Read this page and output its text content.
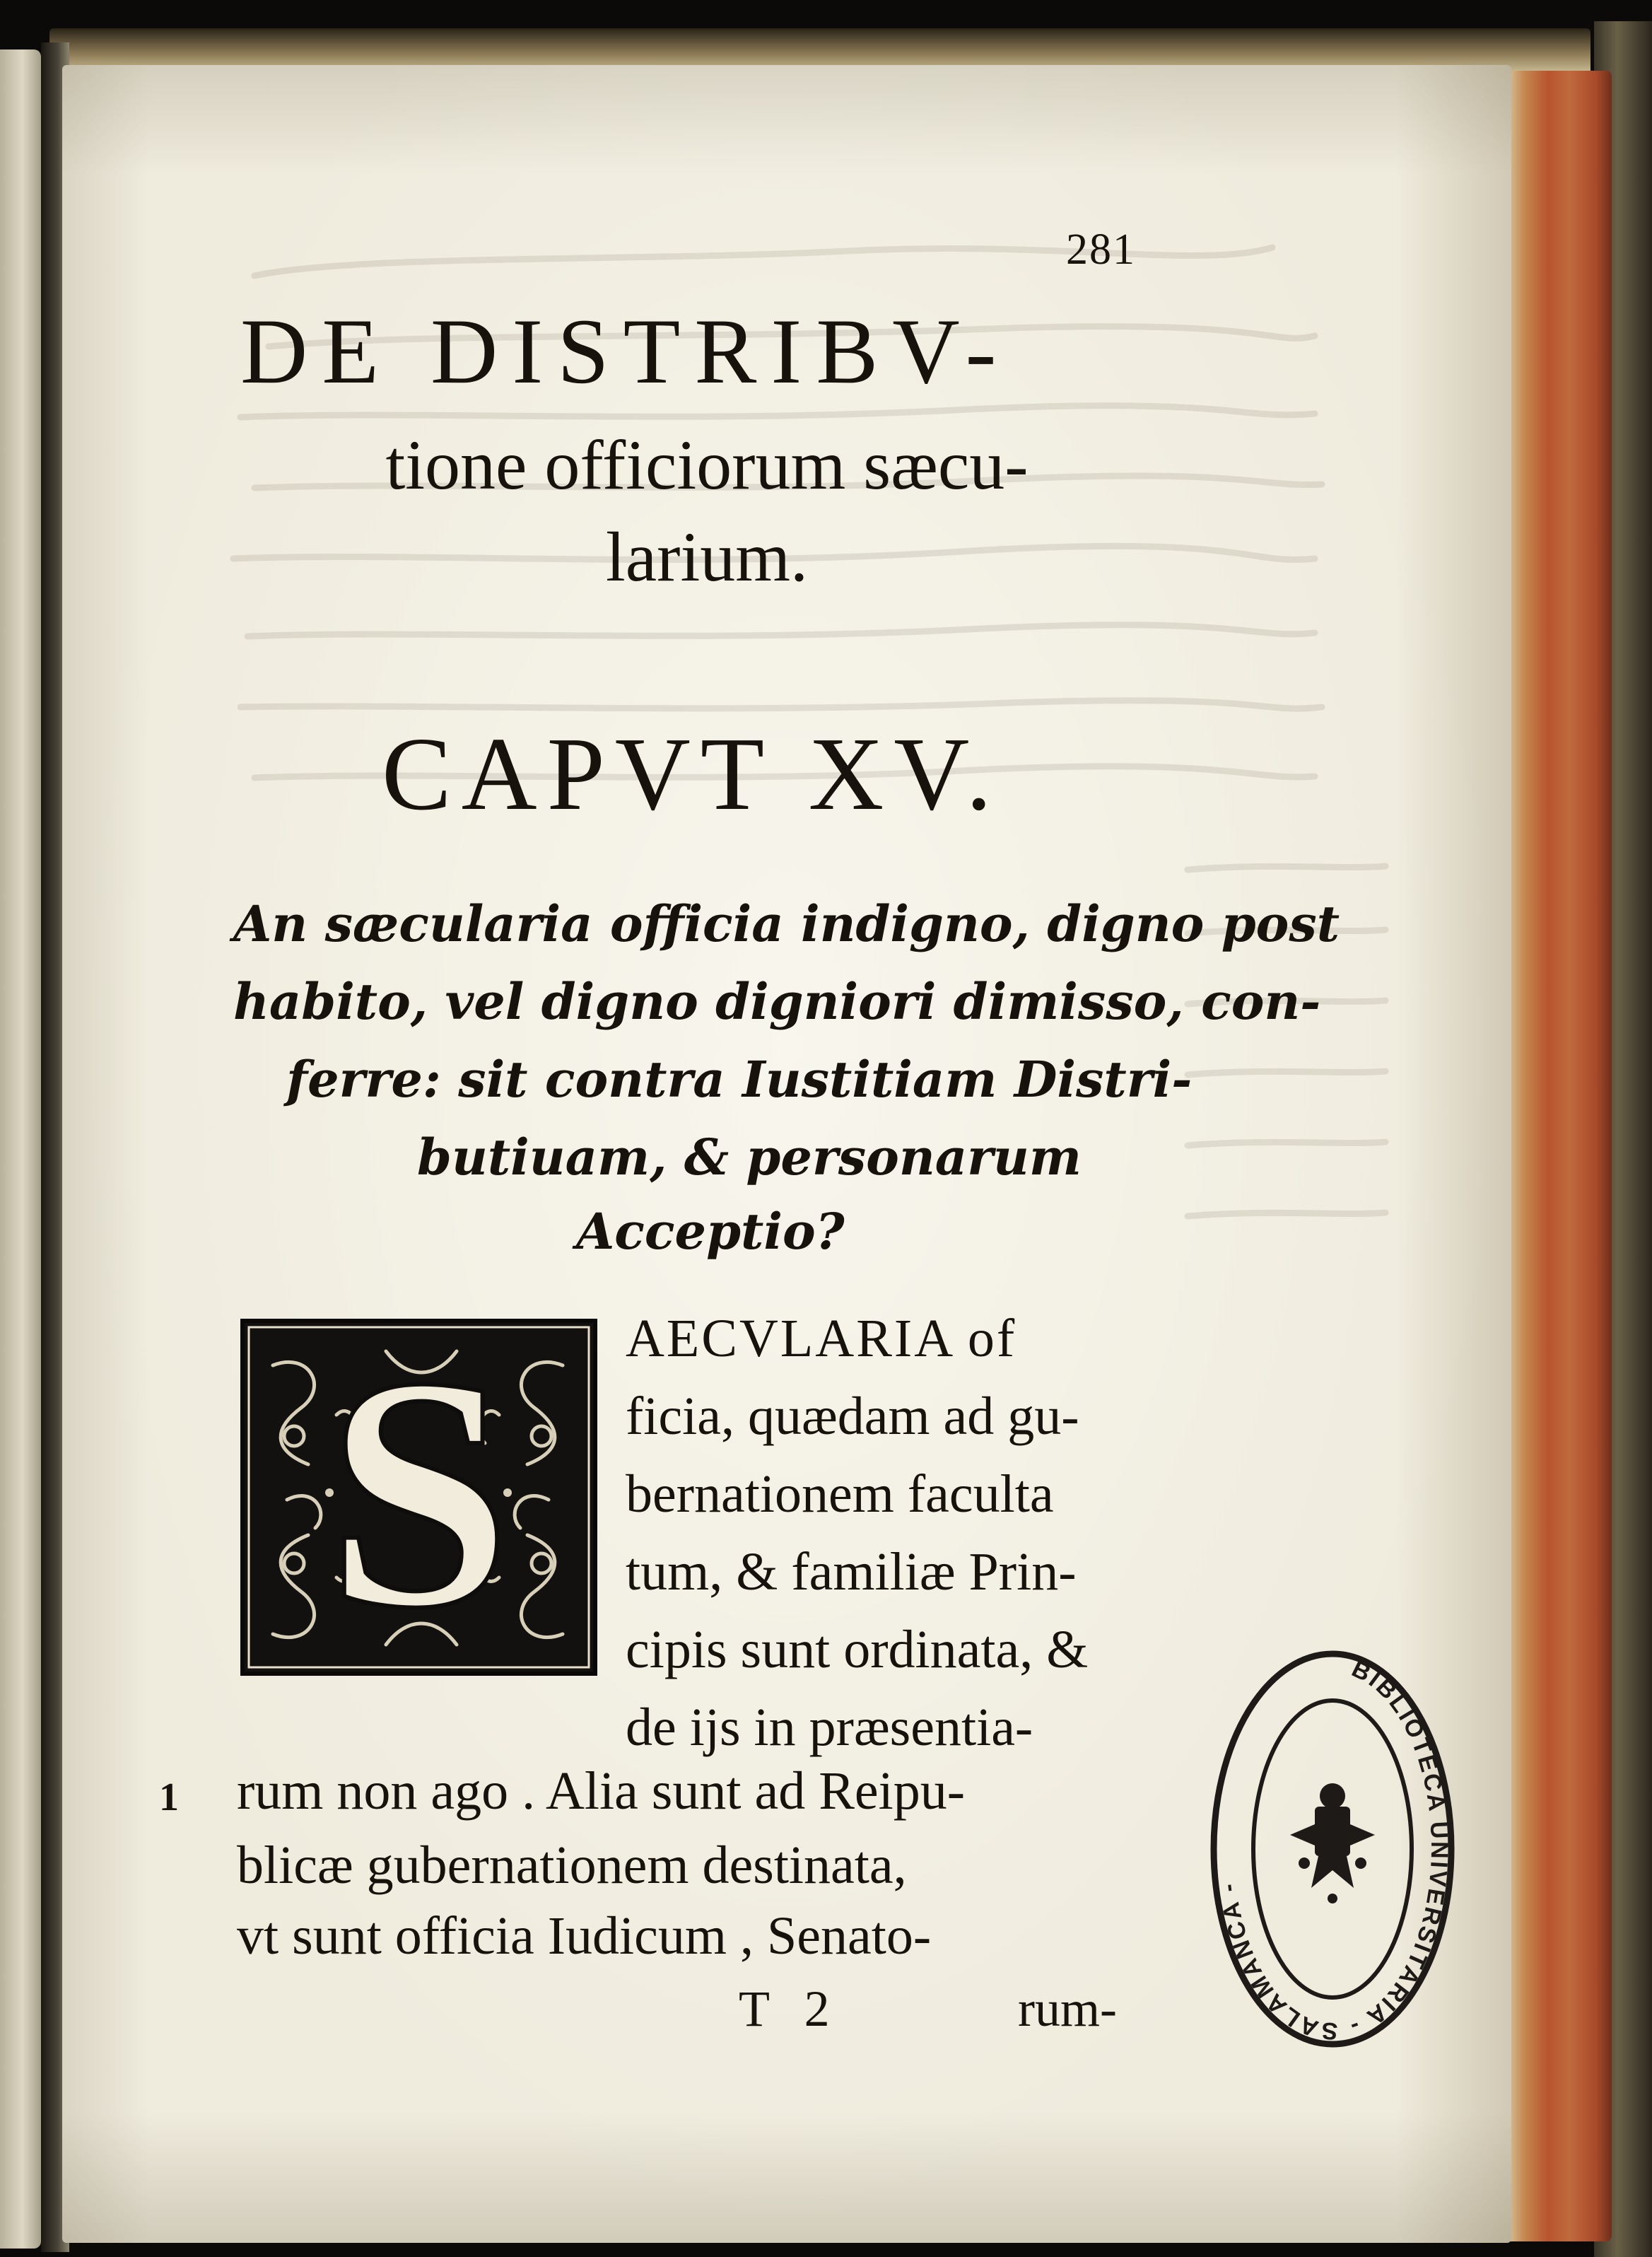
281
DE DISTRIBV-
tione officiorum sæcu-
larium.
CAPVT XV.
An sæcularia officia indigno, digno post
habito, vel digno digniori dimisso, con-
ferre: sit contra Iustitiam Distri-
butiuam, & personarum
Acceptio?
S	AECVLARIA of
ficia, quædam ad gu-
bernationem faculta
tum, & familiæ Prin-
cipis sunt ordinata, &
de ijs in præsentia-
rum non ago . Alia sunt ad Reipu-
blicæ gubernationem destinata,
vt sunt officia Iudicum , Senato-
1
T 2	rum-
BIBLIOTECA UNIVERSITARIA - SALAMANCA -
